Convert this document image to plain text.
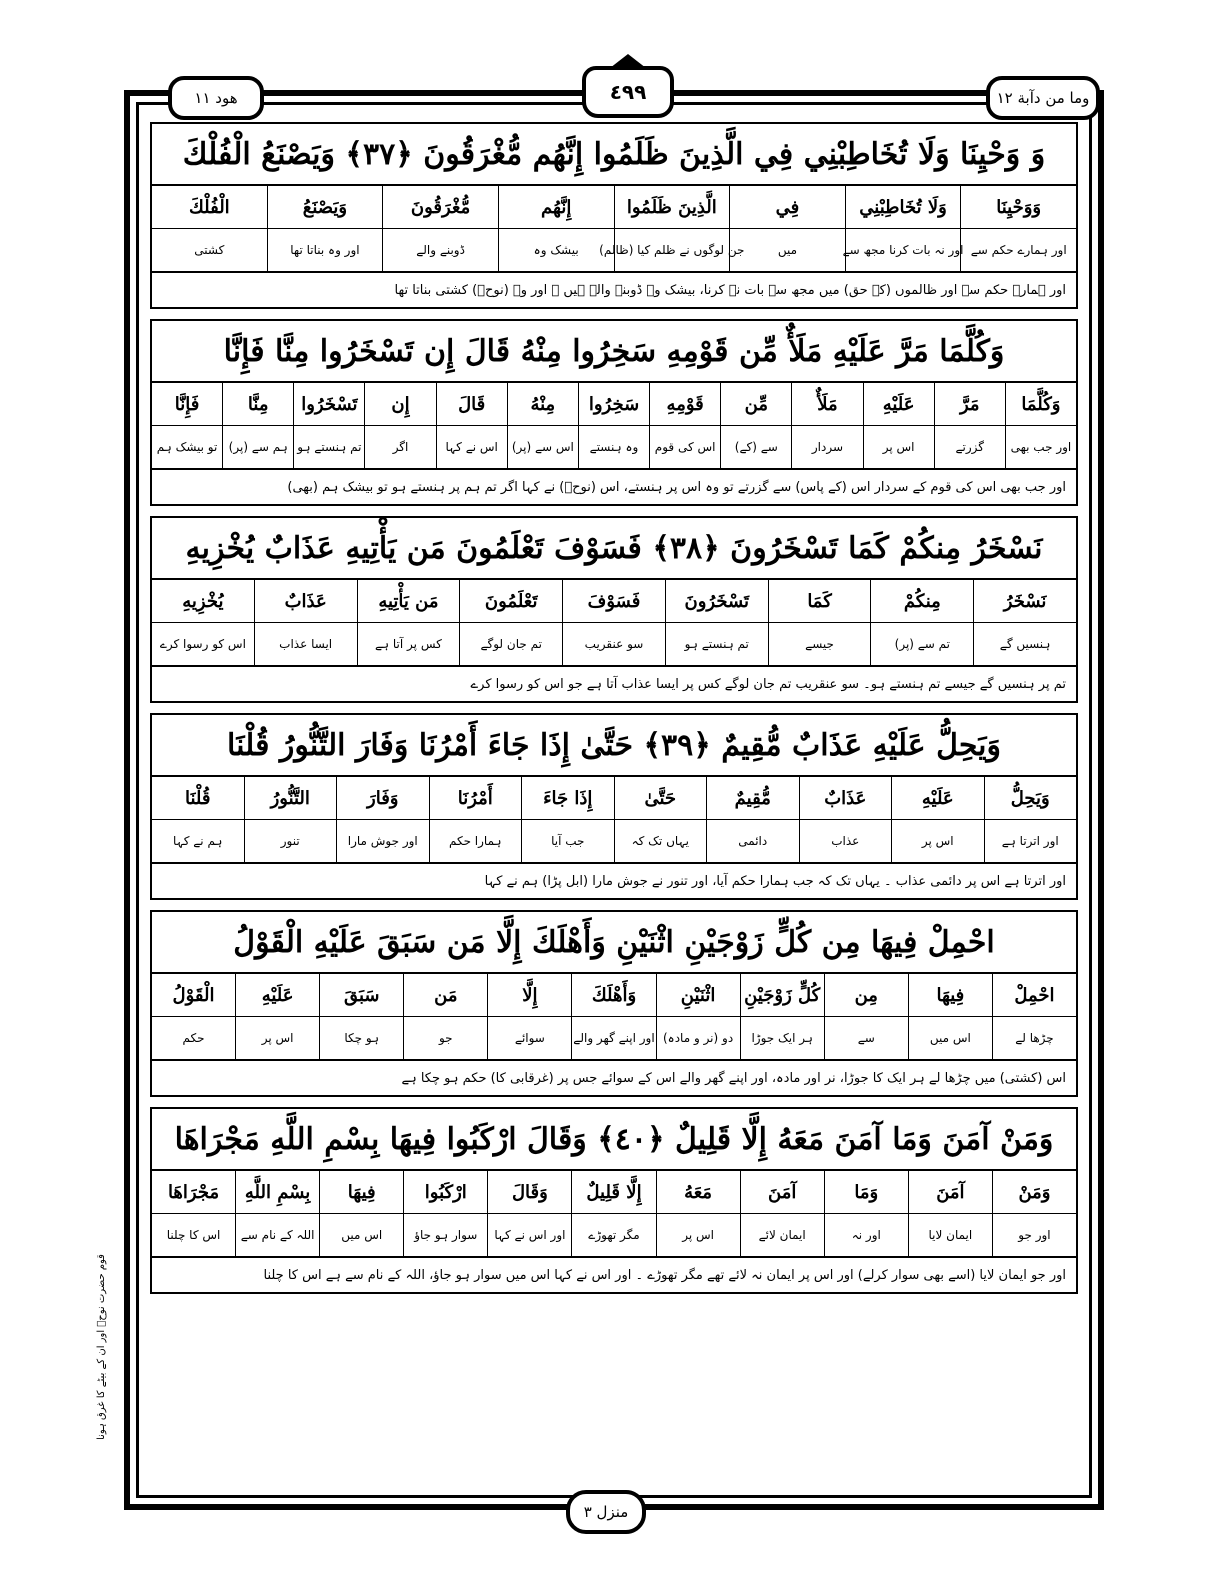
هود ١١	٤٩٩	وما من دآبة ١٢
وَ وَحْيِنَا وَلَا تُخَاطِبْنِي فِي الَّذِينَ ظَلَمُوا إِنَّهُم مُّغْرَقُونَ ﴿٣٧﴾ وَيَصْنَعُ الْفُلْكَ
وَوَحْيِنَا
اور ہمارے حکم سے
وَلَا تُخَاطِبْنِي
اور نہ بات کرنا مجھ سے
فِي
میں
الَّذِينَ ظَلَمُوا
جن لوگوں نے ظلم کیا (ظالم)
إِنَّهُم
بیشک وہ
مُّغْرَقُونَ
ڈوبنے والے
وَيَصْنَعُ
اور وہ بناتا تھا
الْفُلْكَ
کشتی
اور ہمارے حکم سے اور ظالموں (کے حق) میں مجھ سے بات نہ کرنا، بیشک وہ ڈوبنے والے ہیں ۔ اور وہ (نوحؑ) کشتی بناتا تھا
وَكُلَّمَا مَرَّ عَلَيْهِ مَلَأٌ مِّن قَوْمِهِ سَخِرُوا مِنْهُ قَالَ إِن تَسْخَرُوا مِنَّا فَإِنَّا
وَكُلَّمَا
اور جب بھی
مَرَّ
گزرتے
عَلَيْهِ
اس پر
مَلَأٌ
سردار
مِّن
سے (کے)
قَوْمِهِ
اس کی قوم
سَخِرُوا
وہ ہنستے
مِنْهُ
اس سے (پر)
قَالَ
اس نے کہا
إِن
اگر
تَسْخَرُوا
تم ہنستے ہو
مِنَّا
ہم سے (پر)
فَإِنَّا
تو بیشک ہم
اور جب بھی اس کی قوم کے سردار اس (کے پاس) سے گزرتے تو وہ اس پر ہنستے، اس (نوحؑ) نے کہا اگر تم ہم پر ہنستے ہو تو بیشک ہم (بھی)
نَسْخَرُ مِنكُمْ كَمَا تَسْخَرُونَ ﴿٣٨﴾ فَسَوْفَ تَعْلَمُونَ مَن يَأْتِيهِ عَذَابٌ يُخْزِيهِ
نَسْخَرُ
ہنسیں گے
مِنكُمْ
تم سے (پر)
كَمَا
جیسے
تَسْخَرُونَ
تم ہنستے ہو
فَسَوْفَ
سو عنقریب
تَعْلَمُونَ
تم جان لوگے
مَن يَأْتِيهِ
کس پر آتا ہے
عَذَابٌ
ایسا عذاب
يُخْزِيهِ
اس کو رسوا کرے
تم پر ہنسیں گے جیسے تم ہنستے ہو۔ سو عنقریب تم جان لوگے کس پر ایسا عذاب آتا ہے جو اس کو رسوا کرے
وَيَحِلُّ عَلَيْهِ عَذَابٌ مُّقِيمٌ ﴿٣٩﴾ حَتَّىٰ إِذَا جَاءَ أَمْرُنَا وَفَارَ التَّنُّورُ قُلْنَا
وَيَحِلُّ
اور اترتا ہے
عَلَيْهِ
اس پر
عَذَابٌ
عذاب
مُّقِيمٌ
دائمی
حَتَّىٰ
یہاں تک کہ
إِذَا جَاءَ
جب آیا
أَمْرُنَا
ہمارا حکم
وَفَارَ
اور جوش مارا
التَّنُّورُ
تنور
قُلْنَا
ہم نے کہا
اور اترتا ہے اس پر دائمی عذاب ۔ یہاں تک کہ جب ہمارا حکم آیا، اور تنور نے جوش مارا (ابل پڑا) ہم نے کہا
احْمِلْ فِيهَا مِن كُلٍّ زَوْجَيْنِ اثْنَيْنِ وَأَهْلَكَ إِلَّا مَن سَبَقَ عَلَيْهِ الْقَوْلُ
احْمِلْ
چڑھا لے
فِيهَا
اس میں
مِن
سے
كُلٍّ زَوْجَيْنِ
ہر ایک جوڑا
اثْنَيْنِ
دو (نر و مادہ)
وَأَهْلَكَ
اور اپنے گھر والے
إِلَّا
سوائے
مَن
جو
سَبَقَ
ہو چکا
عَلَيْهِ
اس پر
الْقَوْلُ
حکم
اس (کشتی) میں چڑھا لے ہر ایک کا جوڑا، نر اور مادہ، اور اپنے گھر والے اس کے سوائے جس پر (غرقابی کا) حکم ہو چکا ہے
وَمَنْ آمَنَ وَمَا آمَنَ مَعَهُ إِلَّا قَلِيلٌ ﴿٤٠﴾ وَقَالَ ارْكَبُوا فِيهَا بِسْمِ اللَّهِ مَجْرَاهَا
وَمَنْ
اور جو
آمَنَ
ایمان لایا
وَمَا
اور نہ
آمَنَ
ایمان لائے
مَعَهُ
اس پر
إِلَّا قَلِيلٌ
مگر تھوڑے
وَقَالَ
اور اس نے کہا
ارْكَبُوا
سوار ہو جاؤ
فِيهَا
اس میں
بِسْمِ اللَّهِ
اللہ کے نام سے
مَجْرَاهَا
اس کا چلنا
اور جو ایمان لایا (اسے بھی سوار کرلے) اور اس پر ایمان نہ لائے تھے مگر تھوڑے ۔ اور اس نے کہا اس میں سوار ہو جاؤ، اللہ کے نام سے ہے اس کا چلنا
قوم حضرت نوحؑ اور ان کے بیٹے کا غرق ہونا
منزل ٣
